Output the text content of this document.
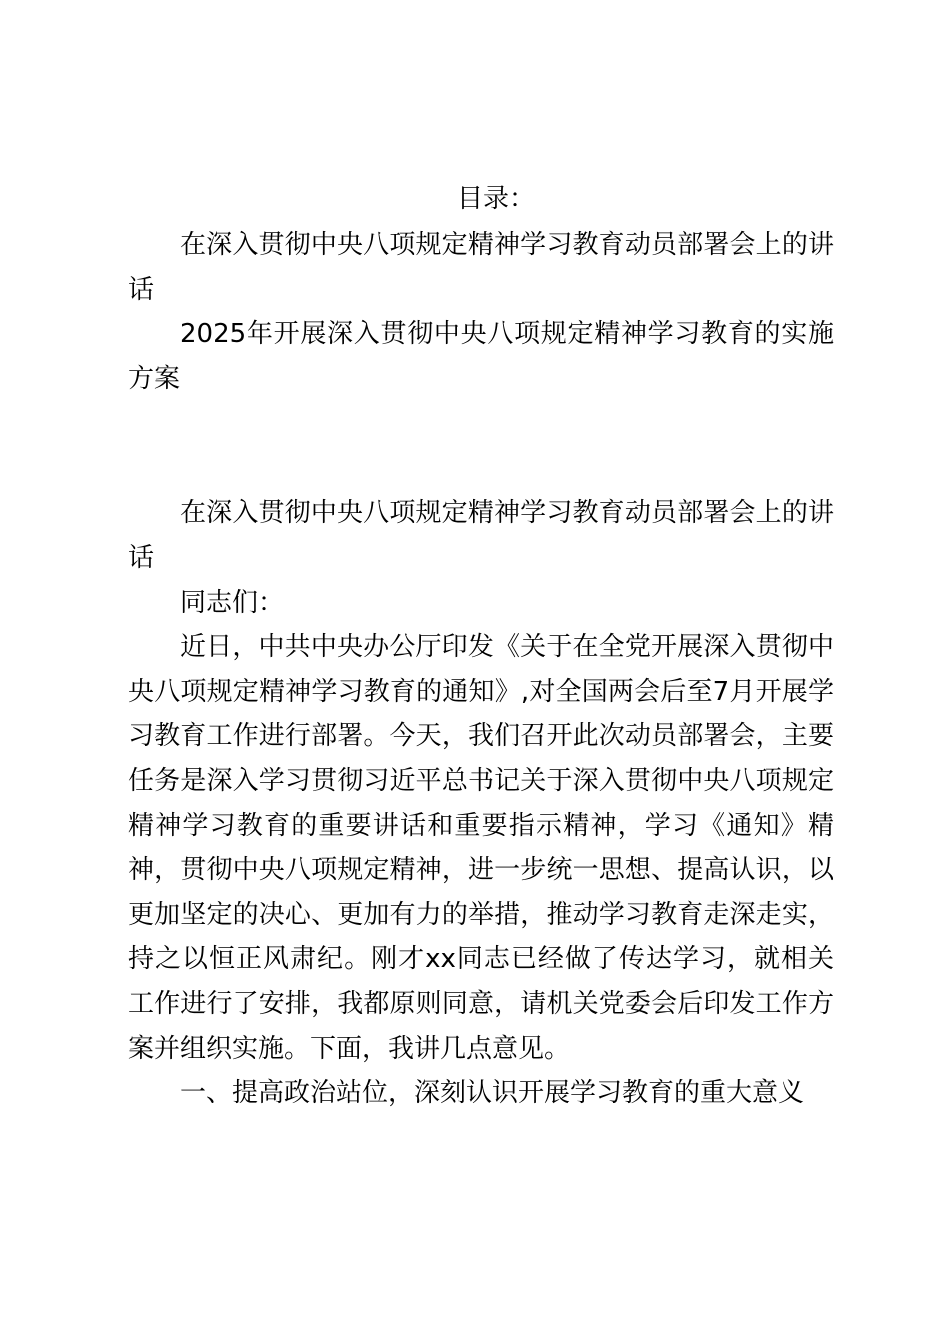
目录：

在深入贯彻中央八项规定精神学习教育动员部署会上的讲话

2025年开展深入贯彻中央八项规定精神学习教育的实施方案

在深入贯彻中央八项规定精神学习教育动员部署会上的讲话

同志们：

近日，中共中央办公厅印发《关于在全党开展深入贯彻中央八项规定精神学习教育的通知》,对全国两会后至7月开展学习教育工作进行部署。今天，我们召开此次动员部署会，主要任务是深入学习贯彻习近平总书记关于深入贯彻中央八项规定精神学习教育的重要讲话和重要指示精神，学习《通知》精神，贯彻中央八项规定精神，进一步统一思想、提高认识，以更加坚定的决心、更加有力的举措，推动学习教育走深走实，持之以恒正风肃纪。刚才xx同志已经做了传达学习，就相关工作进行了安排，我都原则同意，请机关党委会后印发工作方案并组织实施。下面，我讲几点意见。

一、提高政治站位，深刻认识开展学习教育的重大意义
